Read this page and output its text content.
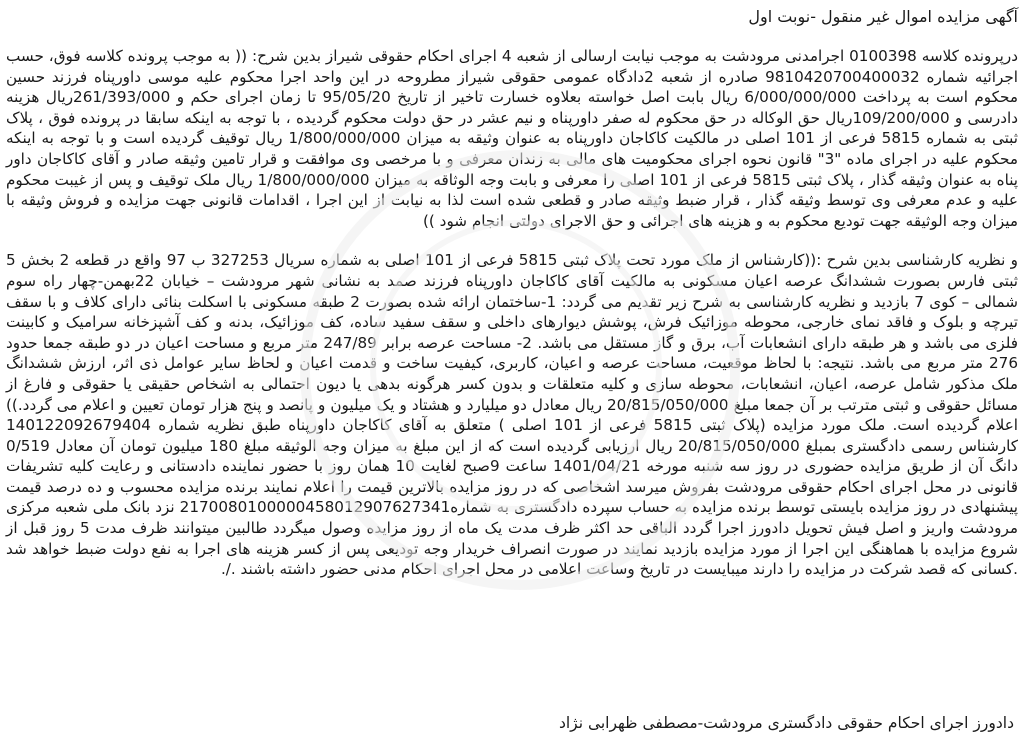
آگهی مزایده اموال غیر منقول -نوبت اول

درپرونده کلاسه 0100398 اجرامدنی مرودشت به موجب نیابت ارسالی از شعبه 4 اجرای احکام حقوقی شیراز بدین شرح: (( به موجب پرونده کلاسه فوق، حسب اجرائیه شماره 9810420700400032 صادره از شعبه 2دادگاه عمومی حقوقی شیراز مطروحه در این واحد اجرا محکوم علیه موسی داورپناه فرزند حسین محکوم است به پرداخت 6/000/000/000 ریال بابت اصل خواسته بعلاوه خسارت تاخیر از تاریخ 95/05/20 تا زمان اجرای حکم و 261/393/000ریال هزینه دادرسی و 109/200/000ریال حق الوکاله در حق محکوم له صفر داورپناه و نیم عشر در حق دولت محکوم گردیده ، با توجه به اینکه سابقا در پرونده فوق ، پلاک ثبتی به شماره 5815 فرعی از 101 اصلی در مالکیت کاکاجان داورپناه به عنوان وثیقه به میزان 1/800/000/000 ریال توقیف گردیده است و با توجه به اینکه محکوم علیه در اجرای ماده "3" قانون نحوه اجرای محکومیت های مالی به زندان معرفی و با مرخصی وی موافقت و قرار تامین وثیقه صادر و آقای کاکاجان داور پناه به عنوان وثیقه گذار ، پلاک ثبتی 5815 فرعی از 101 اصلی را معرفی و بابت وجه الوثاقه به میزان 1/800/000/000 ریال ملک توقیف و پس از غیبت محکوم علیه و عدم معرفی وی توسط وثیقه گذار ، قرار ضبط وثیقه صادر و قطعی شده است لذا به نیابت از این اجرا ، اقدامات قانونی جهت مزایده و فروش وثیقه با میزان وجه الوثیقه جهت تودیع محکوم به و هزینه های اجرائی و حق الاجرای دولتی انجام شود ))

و نظریه کارشناسی بدین شرح :((کارشناس از ملک مورد تحت پلاک ثبتی 5815 فرعی از 101 اصلی به شماره سریال 327253 ب 97 واقع در قطعه 2 بخش 5 ثبتی فارس بصورت ششدانگ عرصه اعیان مسکونی به مالکیت آقای کاکاجان داورپناه فرزند صمد به نشانی شهر مرودشت – خیابان 22بهمن-چهار راه سوم شمالی – کوی 7 بازدید و نظریه کارشناسی به شرح زیر تقدیم می گردد: 1-ساختمان ارائه شده بصورت 2 طبقه مسکونی با اسکلت بنائی دارای کلاف و با سقف تیرچه و بلوک و فاقد نمای خارجی، محوطه موزائیک فرش، پوشش دیوارهای داخلی و سقف سفید ساده، کف موزائیک، بدنه و کف آشپزخانه سرامیک و کابینت فلزی می باشد و هر طبقه دارای انشعابات آب، برق و گاز مستقل می باشد. 2- مساحت عرصه برابر 247/89 متر مربع و مساحت اعیان در دو طبقه جمعا حدود 276 متر مربع می باشد. نتیجه: با لحاظ موقعیت، مساحت عرصه و اعیان، کاربری، کیفیت ساخت و قدمت اعیان و لحاظ سایر عوامل ذی اثر، ارزش ششدانگ ملک مذکور شامل عرصه، اعیان، انشعابات، محوطه سازی و کلیه متعلقات و بدون کسر هرگونه بدهی یا دیون احتمالی به اشخاص حقیقی یا حقوقی و فارغ از مسائل حقوقی و ثبتی مترتب بر آن جمعا مبلغ 20/815/050/000 ریال معادل دو میلیارد و هشتاد و یک میلیون و پانصد و پنج هزار تومان تعیین و اعلام می گردد.)) اعلام گردیده است. ملک مورد مزایده (پلاک ثبتی 5815 فرعی از 101 اصلی ) متعلق به آقای کاکاجان داورپناه طبق نظریه شماره 140122092679404 کارشناس رسمی دادگستری بمبلغ 20/815/050/000 ریال ارزیابی گردیده است که از این مبلغ به میزان وجه الوثیقه مبلغ 180 میلیون تومان آن معادل 0/519 دانگ آن از طریق مزایده حضوری در روز سه شنبه مورخه 1401/04/21 ساعت 9صبح لغایت 10 همان روز با حضور نماینده دادستانی و رعایت کلیه تشریفات قانونی در محل اجرای احکام حقوقی مرودشت بفروش میرسد اشخاصی که در روز مزایده بالاترین قیمت را اعلام نمایند برنده مزایده محسوب و ده درصد قیمت پیشنهادی در روز مزایده بایستی توسط برنده مزایده به حساب سپرده دادگستری به شماره2170080100000458012907627341 نزد بانک ملی شعبه مرکزی مرودشت واریز و اصل فیش تحویل دادورز اجرا گردد الباقی حد اکثر ظرف مدت یک ماه از روز مزایده وصول میگردد طالبین میتوانند ظرف مدت 5 روز قبل از شروع مزایده با هماهنگی این اجرا از مورد مزایده بازدید نمایند در صورت انصراف خریدار وجه تودیعی پس از کسر هزینه های اجرا به نفع دولت ضبط خواهد شد .کسانی که قصد شرکت در مزایده را دارند میبایست در تاریخ وساعت اعلامی در محل اجرای احکام مدنی حضور داشته باشند ./.

دادورز اجرای احکام حقوقی دادگستری مرودشت-مصطفی ظهرابی نژاد
